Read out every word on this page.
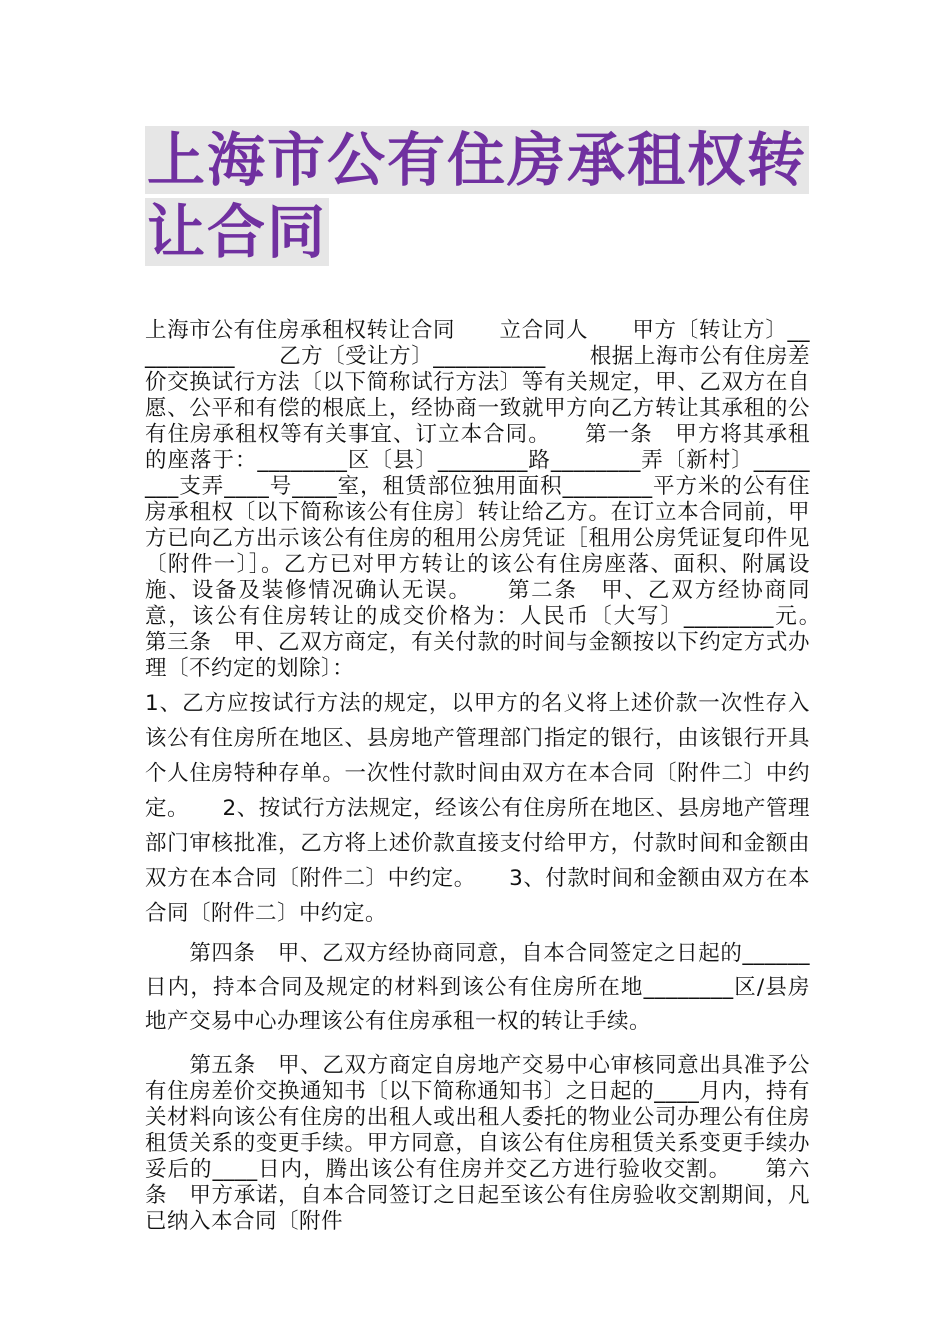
上海市公有住房承租权转
让合同

上海市公有住房承租权转让合同　　立合同人　　甲方〔转让方〕__________　　乙方〔受让方〕__________　　根据上海市公有住房差价交换试行方法〔以下简称试行方法〕等有关规定，甲、乙双方在自愿、公平和有偿的根底上，经协商一致就甲方向乙方转让其承租的公有住房承租权等有关事宜、订立本合同。　　第一条　甲方将其承租的座落于：________区〔县〕________路________弄〔新村〕________支弄____号____室，租赁部位独用面积________平方米的公有住房承租权〔以下简称该公有住房〕转让给乙方。在订立本合同前，甲方已向乙方出示该公有住房的租用公房凭证［租用公房凭证复印件见〔附件一〕］。乙方已对甲方转让的该公有住房座落、面积、附属设施、设备及装修情况确认无误。　　第二条　甲、乙双方经协商同意，该公有住房转让的成交价格为：人民币〔大写〕________元。　　第三条　甲、乙双方商定，有关付款的时间与金额按以下约定方式办理〔不约定的划除〕：

1、乙方应按试行方法的规定，以甲方的名义将上述价款一次性存入该公有住房所在地区、县房地产管理部门指定的银行，由该银行开具个人住房特种存单。一次性付款时间由双方在本合同〔附件二〕中约定。　　2、按试行方法规定，经该公有住房所在地区、县房地产管理部门审核批准，乙方将上述价款直接支付给甲方，付款时间和金额由双方在本合同〔附件二〕中约定。　　3、付款时间和金额由双方在本合同〔附件二〕中约定。

　　第四条　甲、乙双方经协商同意，自本合同签定之日起的______日内，持本合同及规定的材料到该公有住房所在地________区/县房地产交易中心办理该公有住房承租一权的转让手续。

　　第五条　甲、乙双方商定自房地产交易中心审核同意出具准予公有住房差价交换通知书〔以下简称通知书〕之日起的____月内，持有关材料向该公有住房的出租人或出租人委托的物业公司办理公有住房租赁关系的变更手续。甲方同意，自该公有住房租赁关系变更手续办妥后的____日内，腾出该公有住房并交乙方进行验收交割。　　第六条　甲方承诺，自本合同签订之日起至该公有住房验收交割期间，凡已纳入本合同〔附件
